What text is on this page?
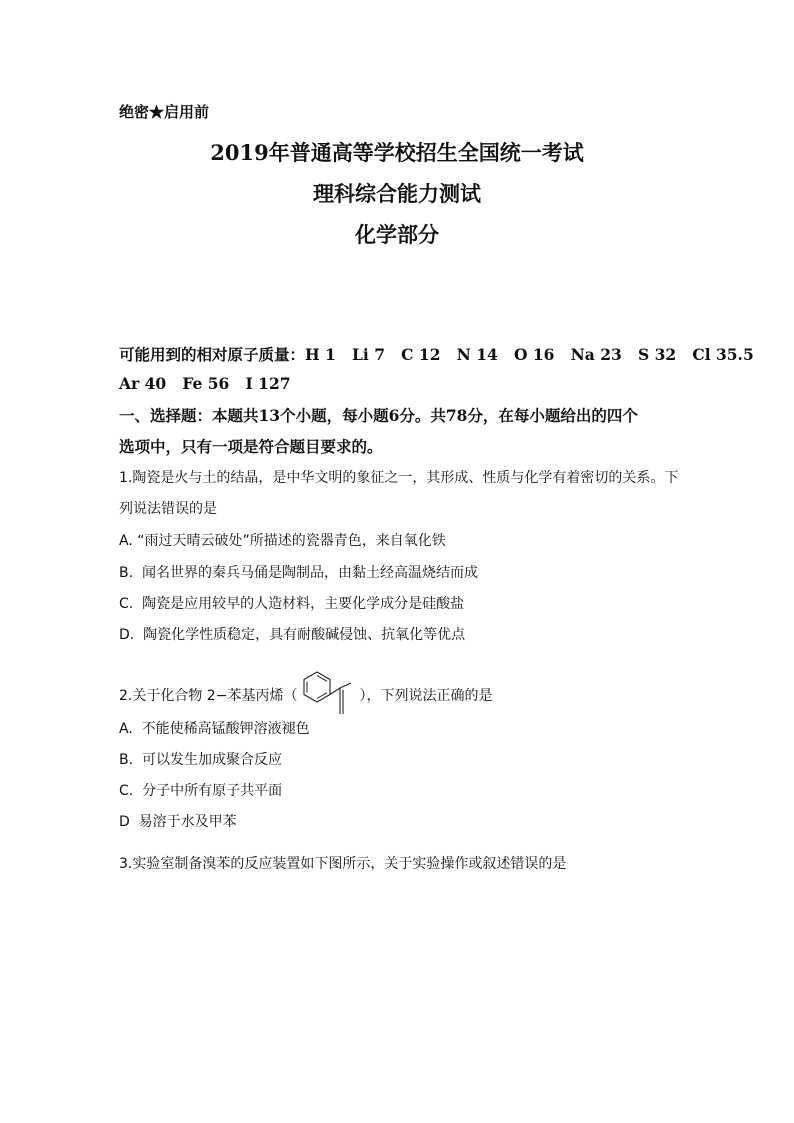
绝密★启用前
2019年普通高等学校招生全国统一考试
理科综合能力测试
化学部分
可能用到的相对原子质量：H 1   Li 7   C 12   N 14   O 16   Na 23   S 32   Cl 35.5
Ar 40   Fe 56   I 127
一、选择题：本题共13个小题，每小题6分。共78分，在每小题给出的四个
选项中，只有一项是符合题目要求的。
1.陶瓷是火与土的结晶，是中华文明的象征之一，其形成、性质与化学有着密切的关系。下
列说法错误的是
A. “雨过天晴云破处”所描述的瓷器青色，来自氧化铁
B.  闻名世界的秦兵马俑是陶制品，由黏土经高温烧结而成
C.  陶瓷是应用较早的人造材料，主要化学成分是硅酸盐
D.  陶瓷化学性质稳定，具有耐酸碱侵蚀、抗氧化等优点
2.关于化合物 2−苯基丙烯（	），下列说法正确的是
A.  不能使稀高锰酸钾溶液褪色
B.  可以发生加成聚合反应
C.  分子中所有原子共平面
D  易溶于水及甲苯
3.实验室制备溴苯的反应装置如下图所示，关于实验操作或叙述错误的是
